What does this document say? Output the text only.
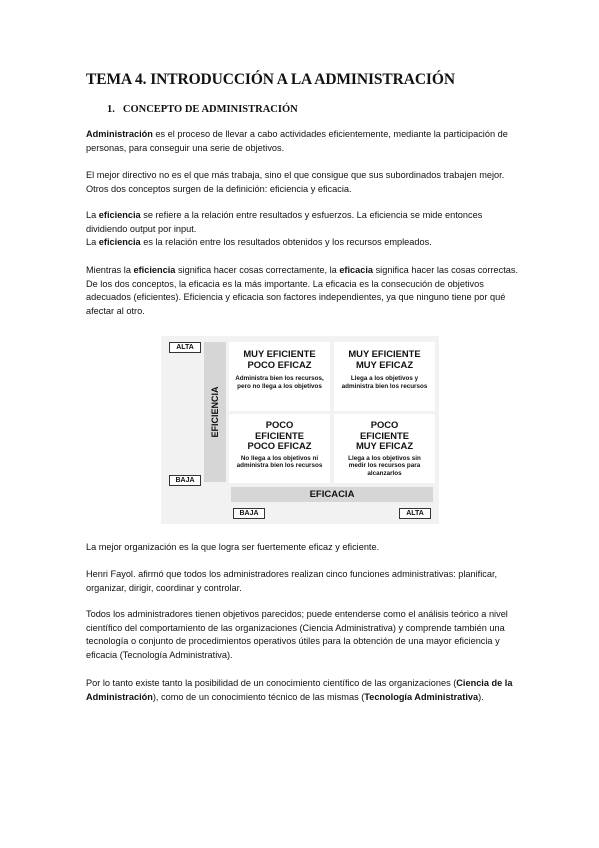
TEMA 4. INTRODUCCIÓN A LA ADMINISTRACIÓN
1. CONCEPTO DE ADMINISTRACIÓN
Administración es el proceso de llevar a cabo actividades eficientemente, mediante la participación de personas, para conseguir una serie de objetivos.
El mejor directivo no es el que más trabaja, sino el que consigue que sus subordinados trabajen mejor. Otros dos conceptos surgen de la definición: eficiencia y eficacia.
La eficiencia se refiere a la relación entre resultados y esfuerzos. La eficiencia se mide entonces dividiendo output por input.
La eficiencia es la relación entre los resultados obtenidos y los recursos empleados.
Mientras la eficiencia significa hacer cosas correctamente, la eficacia significa hacer las cosas correctas. De los dos conceptos, la eficacia es la más importante. La eficacia es la consecución de objetivos adecuados (eficientes). Eficiencia y eficacia son factores independientes, ya que ninguno tiene por qué afectar al otro.
ALTA
BAJA
EFICIENCIA
MUY EFICIENTE
POCO EFICAZ
Administra bien los recursos, pero no llega a los objetivos
MUY EFICIENTE
MUY EFICAZ
Llega a los objetivos y administra bien los recursos
POCO
EFICIENTE
POCO EFICAZ
No llega a los objetivos ni administra bien los recursos
POCO
EFICIENTE
MUY EFICAZ
Llega a los objetivos sin medir los recursos para alcanzarlos
EFICACIA
BAJA	ALTA
La mejor organización es la que logra ser fuertemente eficaz y eficiente.
Henri Fayol. afirmó que todos los administradores realizan cinco funciones administrativas: planificar, organizar, dirigir, coordinar y controlar.
Todos los administradores tienen objetivos parecidos; puede entenderse como el análisis teórico a nivel científico del comportamiento de las organizaciones (Ciencia Administrativa) y comprende también una tecnología o conjunto de procedimientos operativos útiles para la obtención de una mayor eficiencia y eficacia (Tecnología Administrativa).
Por lo tanto existe tanto la posibilidad de un conocimiento científico de las organizaciones (Ciencia de la Administración), como de un conocimiento técnico de las mismas (Tecnología Administrativa).
